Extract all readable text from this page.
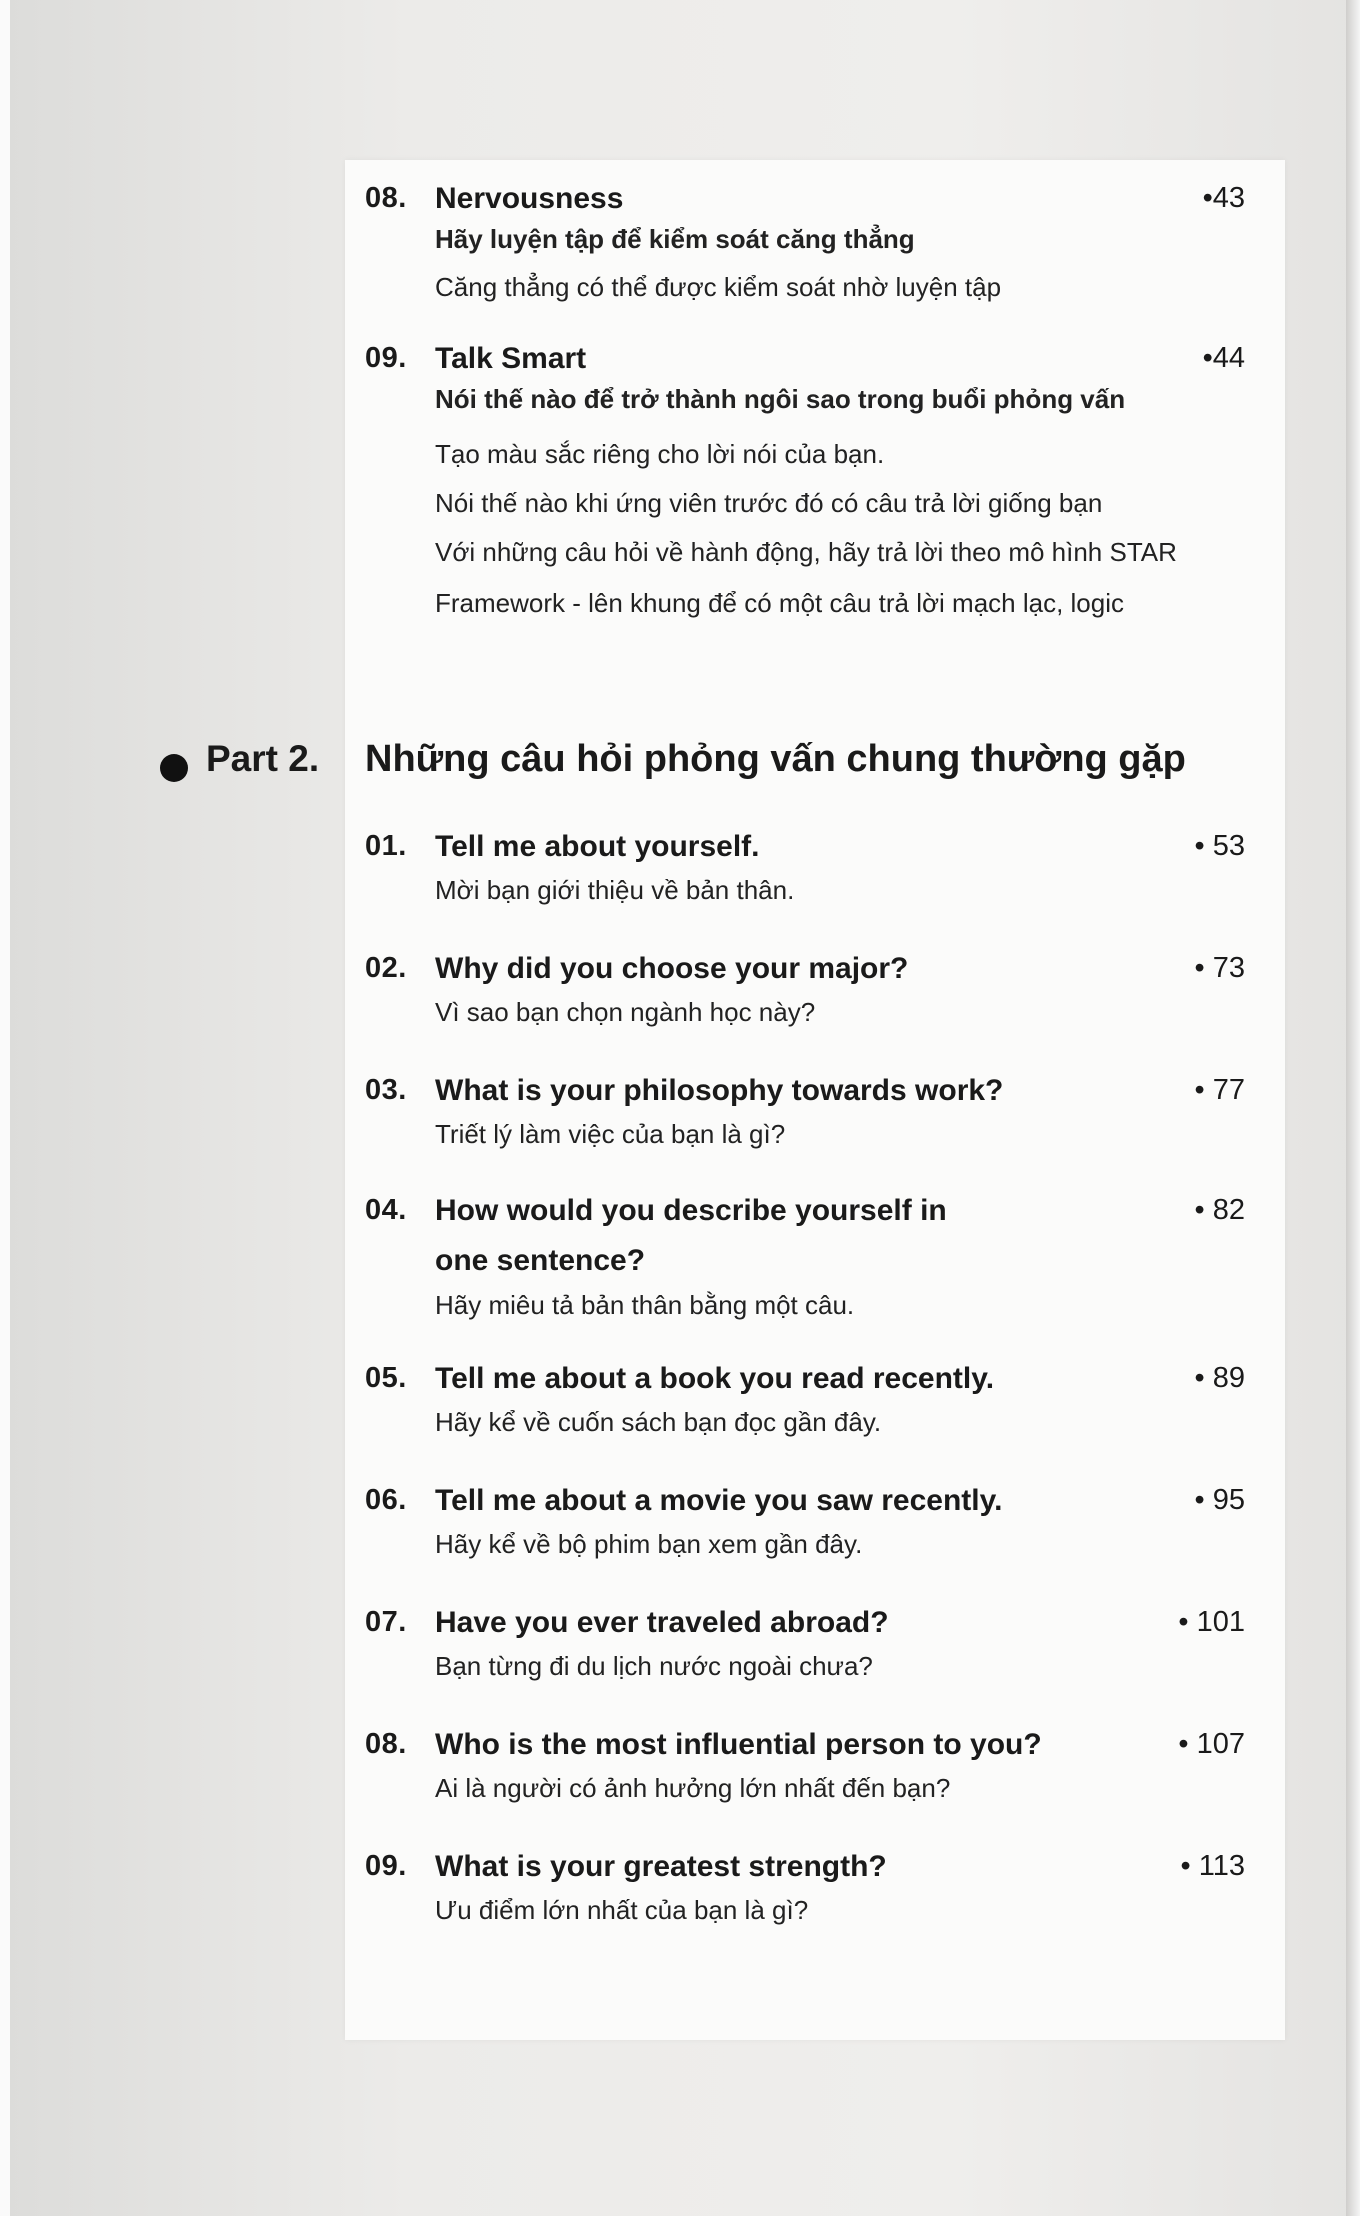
08. Nervousness	•43
Hãy luyện tập để kiểm soát căng thẳng
Căng thẳng có thể được kiểm soát nhờ luyện tập
09. Talk Smart	•44
Nói thế nào để trở thành ngôi sao trong buổi phỏng vấn
Tạo màu sắc riêng cho lời nói của bạn.
Nói thế nào khi ứng viên trước đó có câu trả lời giống bạn
Với những câu hỏi về hành động, hãy trả lời theo mô hình STAR
Framework - lên khung để có một câu trả lời mạch lạc, logic
01. Tell me about yourself.	• 53
Mời bạn giới thiệu về bản thân.
02. Why did you choose your major?	• 73
Vì sao bạn chọn ngành học này?
03. What is your philosophy towards work?	• 77
Triết lý làm việc của bạn là gì?
04. How would you describe yourself in	• 82
one sentence?
Hãy miêu tả bản thân bằng một câu.
05. Tell me about a book you read recently.	• 89
Hãy kể về cuốn sách bạn đọc gần đây.
06. Tell me about a movie you saw recently.	• 95
Hãy kể về bộ phim bạn xem gần đây.
07. Have you ever traveled abroad?	• 101
Bạn từng đi du lịch nước ngoài chưa?
08. Who is the most influential person to you?	• 107
Ai là người có ảnh hưởng lớn nhất đến bạn?
09. What is your greatest strength?	• 113
Ưu điểm lớn nhất của bạn là gì?
Part 2. Những câu hỏi phỏng vấn chung thường gặp
